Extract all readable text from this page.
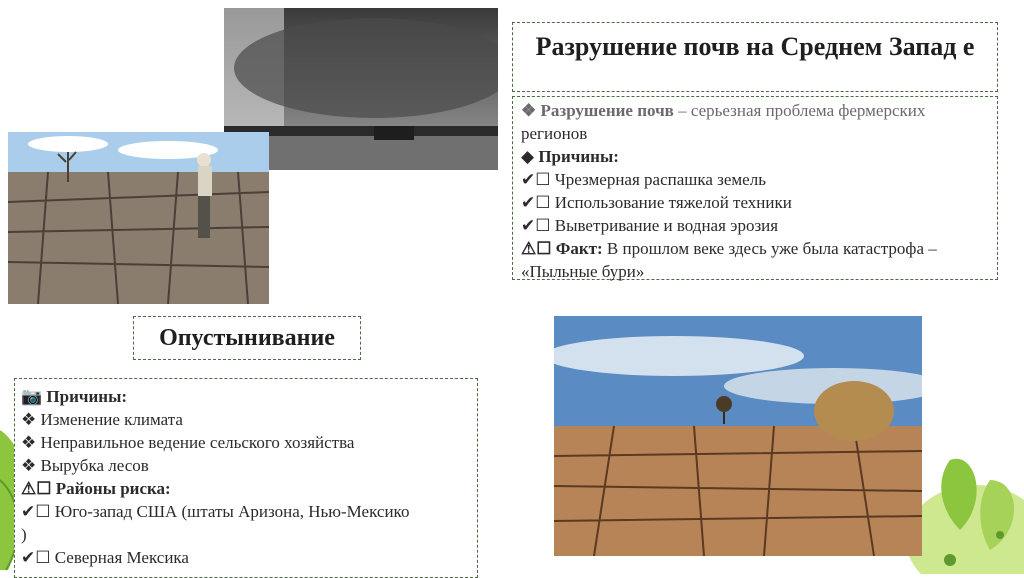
Разрушение почв на Среднем Запад е
❖ Разрушение почв – серьезная проблема фермерских
регионов
◆ Причины:
✔☐ Чрезмерная распашка земель
✔☐ Использование тяжелой техники
✔☐ Выветривание и водная эрозия
⚠☐ Факт: В прошлом веке здесь уже была катастрофа –
«Пыльные бури»
Опустынивание
📷 Причины:
❖ Изменение климата
❖ Неправильное ведение сельского хозяйства
❖ Вырубка лесов
⚠☐ Районы риска:
✔☐ Юго-запад США (штаты Аризона, Нью-Мексико
)
✔☐ Северная Мексика
